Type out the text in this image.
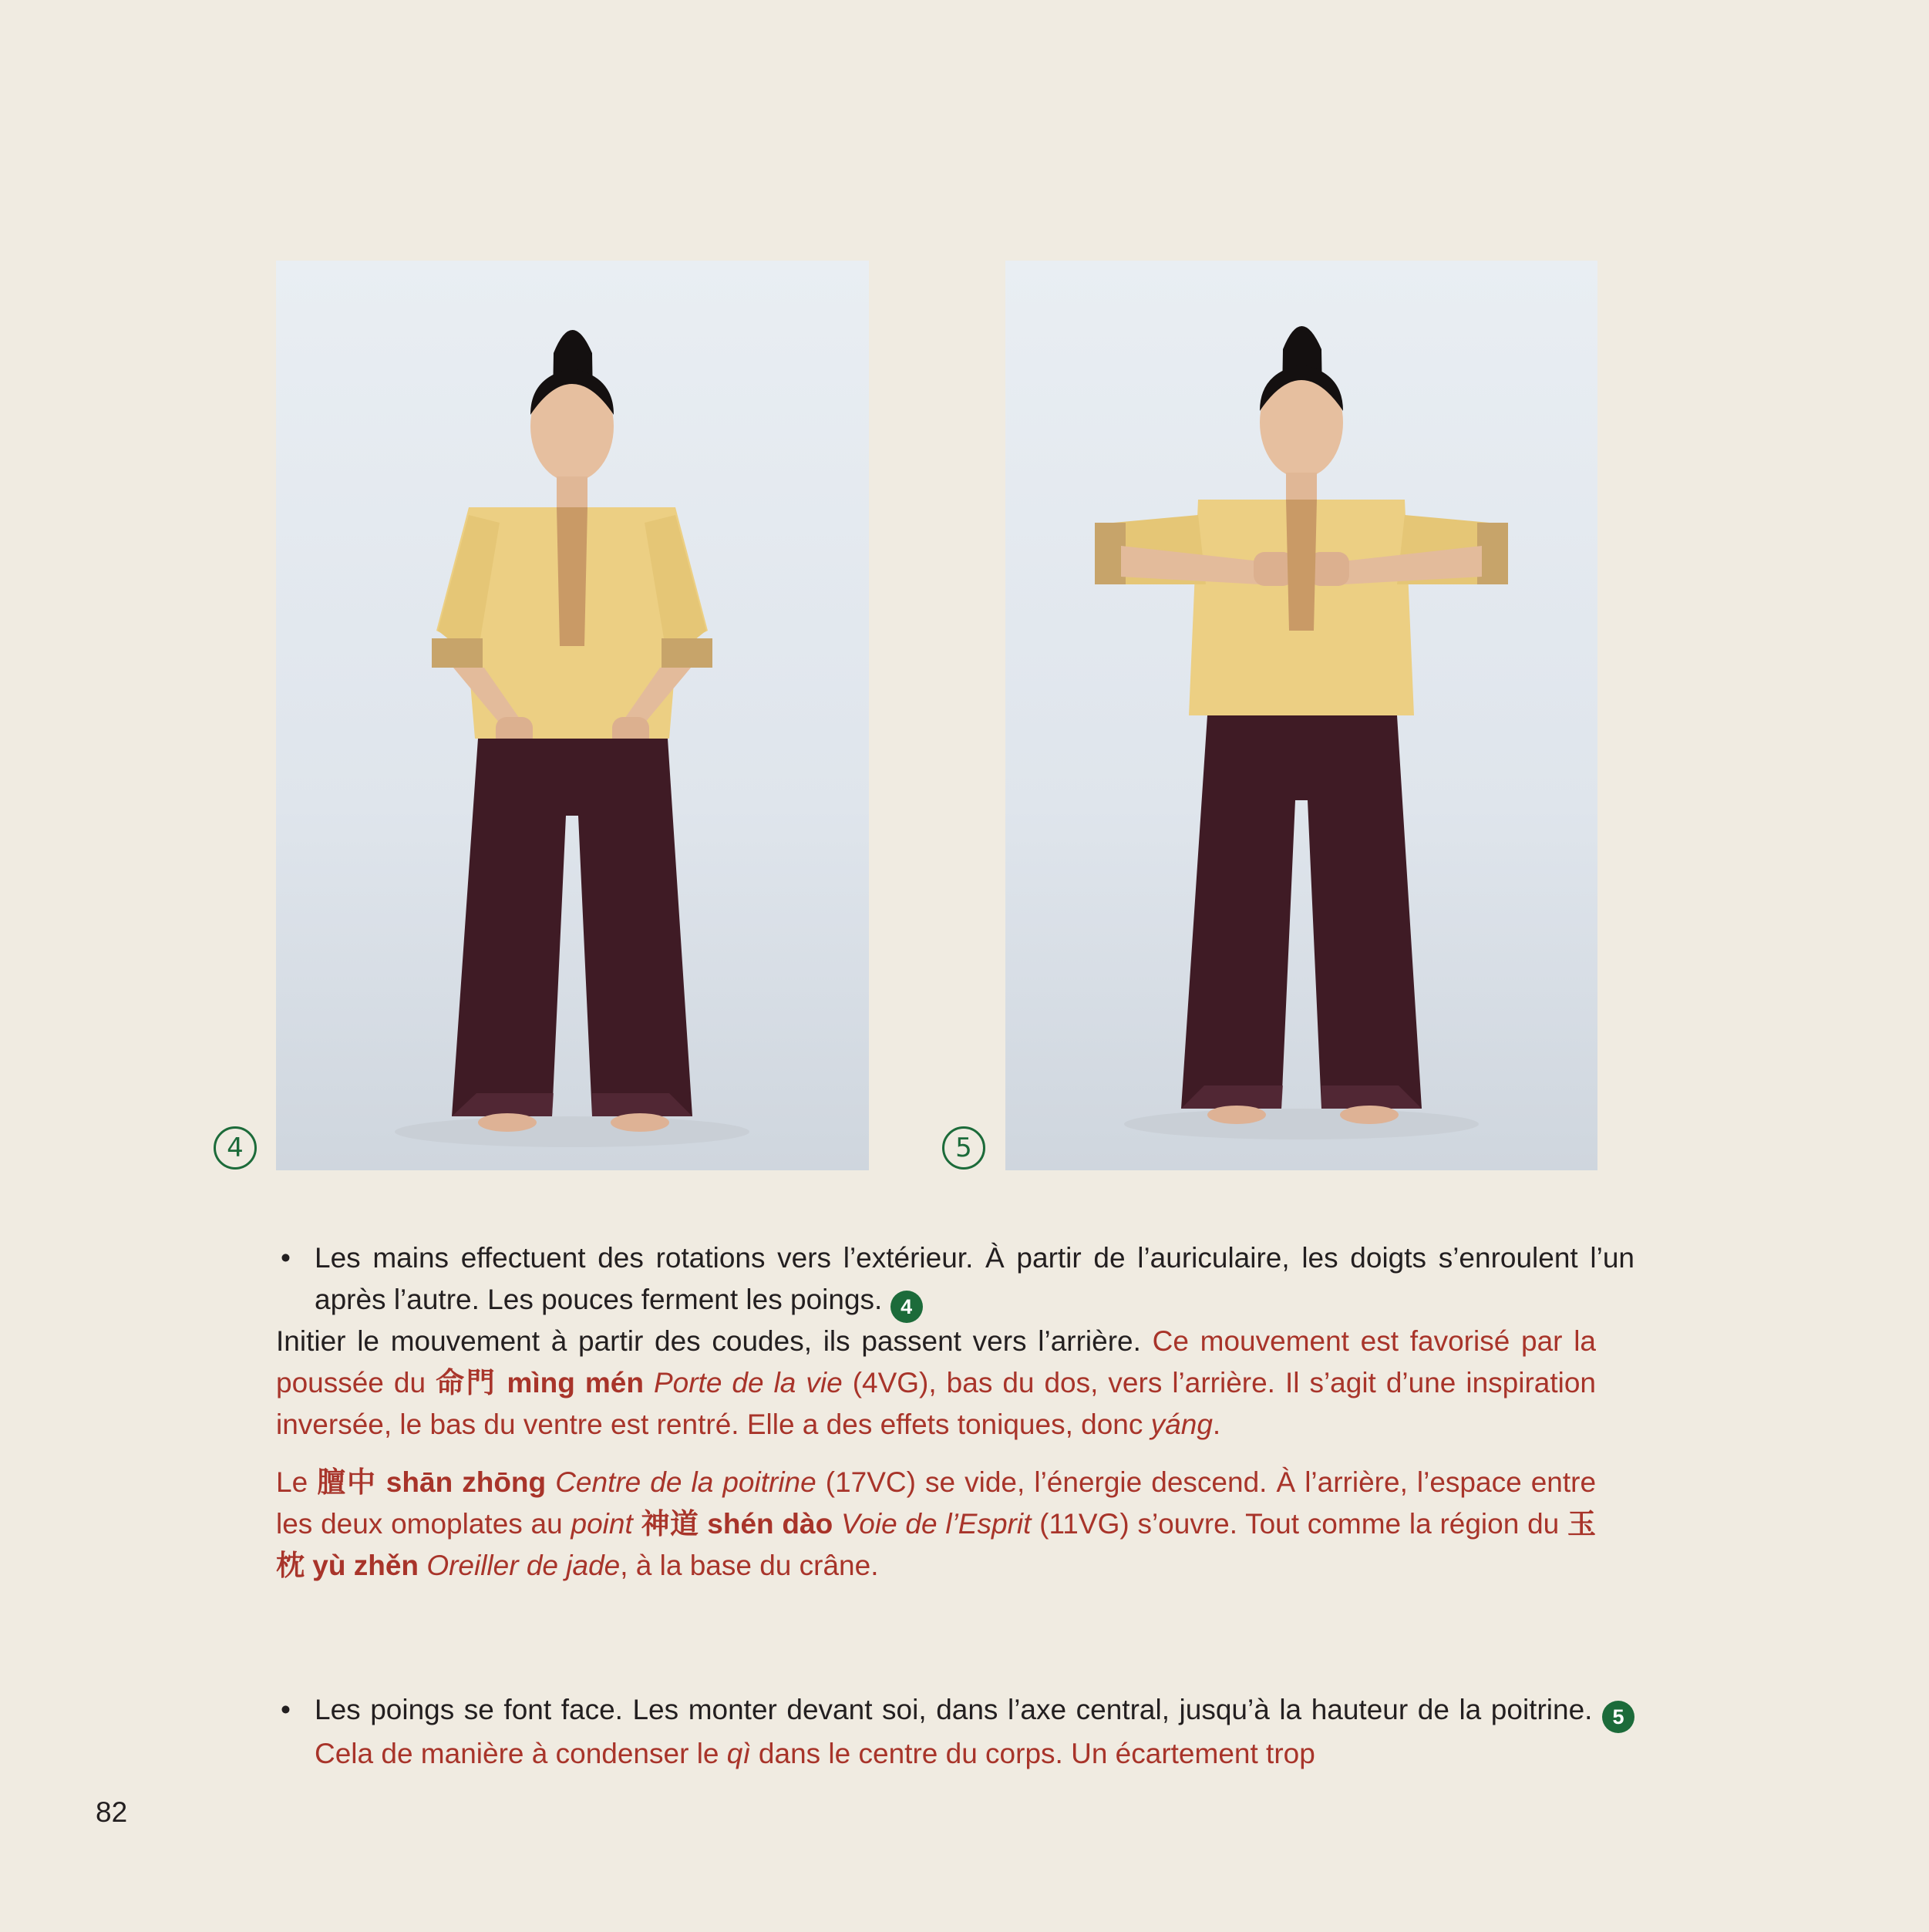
4	5
• Les mains effectuent des rotations vers l’extérieur. À partir de l’auriculaire, les doigts s’enroulent l’un après l’autre. Les pouces ferment les poings. 4
Initier le mouvement à partir des coudes, ils passent vers l’arrière. Ce mouvement est favorisé par la poussée du 命門 mìng mén Porte de la vie (4VG), bas du dos, vers l’arrière. Il s’agit d’une inspiration inversée, le bas du ventre est rentré. Elle a des effets toniques, donc yáng.
Le 膻中 shān zhōng Centre de la poitrine (17VC) se vide, l’énergie descend. À l’arrière, l’espace entre les deux omoplates au point 神道 shén dào Voie de l’Esprit (11VG) s’ouvre. Tout comme la région du 玉枕 yù zhěn Oreiller de jade, à la base du crâne.
• Les poings se font face. Les monter devant soi, dans l’axe central, jusqu’à la hauteur de la poitrine. 5 Cela de manière à condenser le qì dans le centre du corps. Un écartement trop
82
